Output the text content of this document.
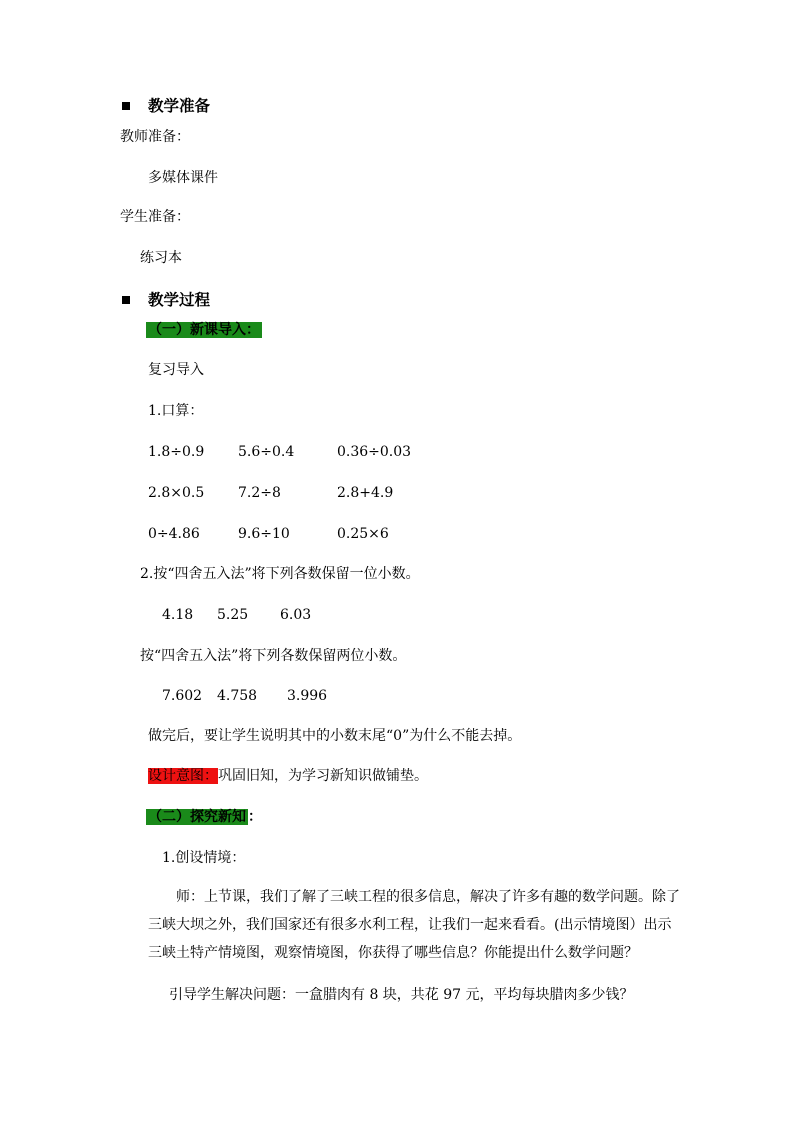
教学准备
教师准备：
多媒体课件
学生准备：
练习本
教学过程
（一）新课导入：
复习导入
1.口算：
1.8÷0.9 5.6÷0.4	0.36÷0.03
2.8×0.5 7.2÷8	2.8+4.9
0÷4.86	9.6÷10	0.25×6
2.按“四舍五入法”将下列各数保留一位小数。
4.18 5.25 6.03
按“四舍五入法”将下列各数保留两位小数。
7.602 4.758 3.996
做完后，要让学生说明其中的小数末尾“0”为什么不能去掉。
设计意图：巩固旧知，为学习新知识做铺垫。
（二）探究新知 ：
1.创设情境：
师：上节课，我们了解了三峡工程的很多信息，解决了许多有趣的数学问题。除了
三峡大坝之外，我们国家还有很多水利工程，让我们一起来看看。(出示情境图）出示
三峡土特产情境图，观察情境图，你获得了哪些信息？你能提出什么数学问题？
引导学生解决问题：一盒腊肉有 8 块，共花 97 元，平均每块腊肉多少钱？
